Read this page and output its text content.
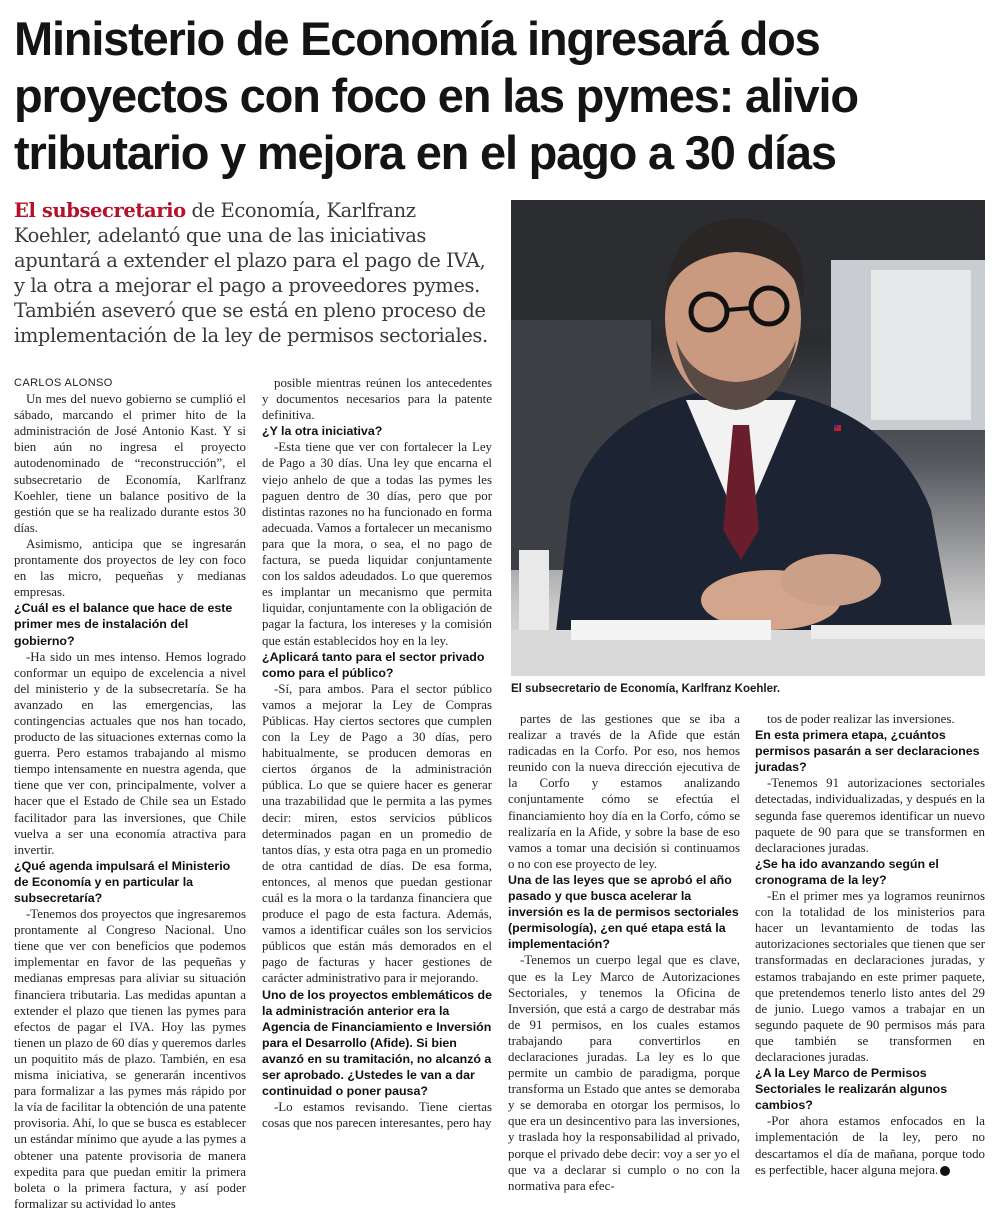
Ministerio de Economía ingresará dos proyectos con foco en las pymes: alivio tributario y mejora en el pago a 30 días
El subsecretario de Economía, Karlfranz Koehler, adelantó que una de las iniciativas apuntará a extender el plazo para el pago de IVA, y la otra a mejorar el pago a proveedores pymes. También aseveró que se está en pleno proceso de implementación de la ley de permisos sectoriales.
El subsecretario de Economía, Karlfranz Koehler.

CARLOS ALONSO

Un mes del nuevo gobierno se cumplió el sábado, marcando el primer hito de la administración de José Antonio Kast. Y si bien aún no ingresa el proyecto autodenominado de “reconstrucción”, el subsecretario de Economía, Karlfranz Koehler, tiene un balance positivo de la gestión que se ha realizado durante estos 30 días.

Asimismo, anticipa que se ingresarán prontamente dos proyectos de ley con foco en las micro, pequeñas y medianas empresas.

¿Cuál es el balance que hace de este primer mes de instalación del gobierno?

-Ha sido un mes intenso. Hemos logrado conformar un equipo de excelencia a nivel del ministerio y de la subsecretaría. Se ha avanzado en las emergencias, las contingencias actuales que nos han tocado, producto de las situaciones externas como la guerra. Pero estamos trabajando al mismo tiempo intensamente en nuestra agenda, que tiene que ver con, principalmente, volver a hacer que el Estado de Chile sea un Estado facilitador para las inversiones, que Chile vuelva a ser una economía atractiva para invertir.

¿Qué agenda impulsará el Ministerio de Economía y en particular la subsecretaría?

-Tenemos dos proyectos que ingresaremos prontamente al Congreso Nacional. Uno tiene que ver con beneficios que podemos implementar en favor de las pequeñas y medianas empresas para aliviar su situación financiera tributaria. Las medidas apuntan a extender el plazo que tienen las pymes para efectos de pagar el IVA. Hoy las pymes tienen un plazo de 60 días y queremos darles un poquitito más de plazo. También, en esa misma iniciativa, se generarán incentivos para formalizar a las pymes más rápido por la vía de facilitar la obtención de una patente provisoria. Ahí, lo que se busca es establecer un estándar mínimo que ayude a las pymes a obtener una patente provisoria de manera expedita para que puedan emitir la primera boleta o la primera factura, y así poder formalizar su actividad lo antes

posible mientras reúnen los antecedentes y documentos necesarios para la patente definitiva.

¿Y la otra iniciativa?

-Esta tiene que ver con fortalecer la Ley de Pago a 30 días. Una ley que encarna el viejo anhelo de que a todas las pymes les paguen dentro de 30 días, pero que por distintas razones no ha funcionado en forma adecuada. Vamos a fortalecer un mecanismo para que la mora, o sea, el no pago de factura, se pueda liquidar conjuntamente con los saldos adeudados. Lo que queremos es implantar un mecanismo que permita liquidar, conjuntamente con la obligación de pagar la factura, los intereses y la comisión que están establecidos hoy en la ley.

¿Aplicará tanto para el sector privado como para el público?

-Sí, para ambos. Para el sector público vamos a mejorar la Ley de Compras Públicas. Hay ciertos sectores que cumplen con la Ley de Pago a 30 días, pero habitualmente, se producen demoras en ciertos órganos de la administración pública. Lo que se quiere hacer es generar una trazabilidad que le permita a las pymes decir: miren, estos servicios públicos determinados pagan en un promedio de tantos días, y esta otra paga en un promedio de otra cantidad de días. De esa forma, entonces, al menos que puedan gestionar cuál es la mora o la tardanza financiera que produce el pago de esta factura. Además, vamos a identificar cuáles son los servicios públicos que están más demorados en el pago de facturas y hacer gestiones de carácter administrativo para ir mejorando.

Uno de los proyectos emblemáticos de la administración anterior era la Agencia de Financiamiento e Inversión para el Desarrollo (Afide). Si bien avanzó en su tramitación, no alcanzó a ser aprobado. ¿Ustedes le van a dar continuidad o poner pausa?

-Lo estamos revisando. Tiene ciertas cosas que nos parecen interesantes, pero hay

partes de las gestiones que se iba a realizar a través de la Afide que están radicadas en la Corfo. Por eso, nos hemos reunido con la nueva dirección ejecutiva de la Corfo y estamos analizando conjuntamente cómo se efectúa el financiamiento hoy día en la Corfo, cómo se realizaría en la Afide, y sobre la base de eso vamos a tomar una decisión si continuamos o no con ese proyecto de ley.

Una de las leyes que se aprobó el año pasado y que busca acelerar la inversión es la de permisos sectoriales (permisología), ¿en qué etapa está la implementación?

-Tenemos un cuerpo legal que es clave, que es la Ley Marco de Autorizaciones Sectoriales, y tenemos la Oficina de Inversión, que está a cargo de destrabar más de 91 permisos, en los cuales estamos trabajando para convertirlos en declaraciones juradas. La ley es lo que permite un cambio de paradigma, porque transforma un Estado que antes se demoraba y se demoraba en otorgar los permisos, lo que era un desincentivo para las inversiones, y traslada hoy la responsabilidad al privado, porque el privado debe decir: voy a ser yo el que va a declarar si cumplo o no con la normativa para efec-

tos de poder realizar las inversiones.

En esta primera etapa, ¿cuántos permisos pasarán a ser declaraciones juradas?

-Tenemos 91 autorizaciones sectoriales detectadas, individualizadas, y después en la segunda fase queremos identificar un nuevo paquete de 90 para que se transformen en declaraciones juradas.

¿Se ha ido avanzando según el cronograma de la ley?

-En el primer mes ya logramos reunirnos con la totalidad de los ministerios para hacer un levantamiento de todas las autorizaciones sectoriales que tienen que ser transformadas en declaraciones juradas, y estamos trabajando en este primer paquete, que pretendemos tenerlo listo antes del 29 de junio. Luego vamos a trabajar en un segundo paquete de 90 permisos más para que también se transformen en declaraciones juradas.

¿A la Ley Marco de Permisos Sectoriales le realizarán algunos cambios?

-Por ahora estamos enfocados en la implementación de la ley, pero no descartamos el día de mañana, porque todo es perfectible, hacer alguna mejora.
